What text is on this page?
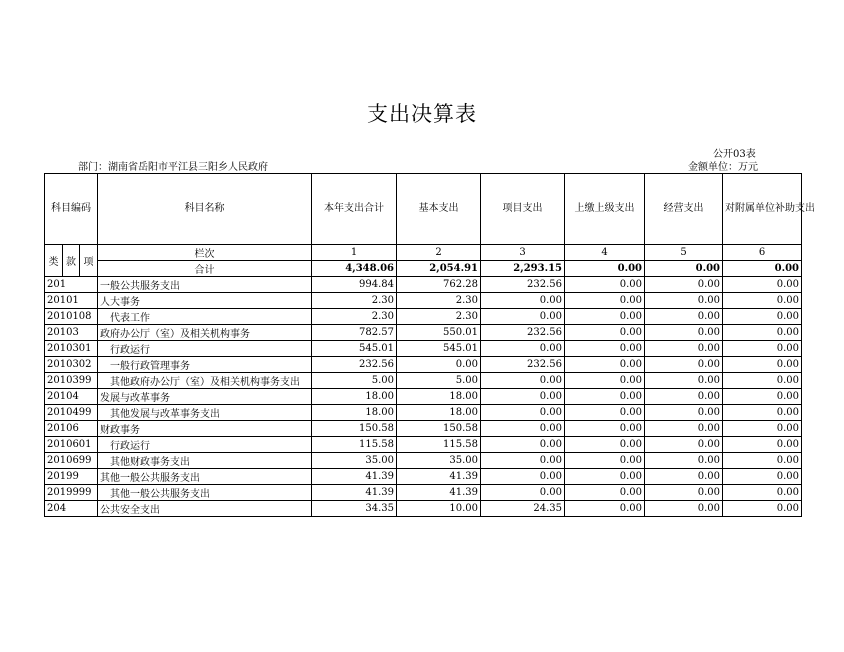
支出决算表
公开03表
部门：湖南省岳阳市平江县三阳乡人民政府	金额单位：万元
科目编码			科目名称	本年支出合计	基本支出	项目支出	上缴上级支出	经营支出	对附属单位补助支出
类	款	项	栏次	1	2	3	4	5	6
			合计	4,348.06	2,054.91	2,293.15	0.00	0.00	0.00
201			一般公共服务支出	994.84	762.28	232.56	0.00	0.00	0.00
20101			人大事务	2.30	2.30	0.00	0.00	0.00	0.00
2010108			代表工作	2.30	2.30	0.00	0.00	0.00	0.00
20103			政府办公厅（室）及相关机构事务	782.57	550.01	232.56	0.00	0.00	0.00
2010301			行政运行	545.01	545.01	0.00	0.00	0.00	0.00
2010302			一般行政管理事务	232.56	0.00	232.56	0.00	0.00	0.00
2010399			其他政府办公厅（室）及相关机构事务支出	5.00	5.00	0.00	0.00	0.00	0.00
20104			发展与改革事务	18.00	18.00	0.00	0.00	0.00	0.00
2010499			其他发展与改革事务支出	18.00	18.00	0.00	0.00	0.00	0.00
20106			财政事务	150.58	150.58	0.00	0.00	0.00	0.00
2010601			行政运行	115.58	115.58	0.00	0.00	0.00	0.00
2010699			其他财政事务支出	35.00	35.00	0.00	0.00	0.00	0.00
20199			其他一般公共服务支出	41.39	41.39	0.00	0.00	0.00	0.00
2019999			其他一般公共服务支出	41.39	41.39	0.00	0.00	0.00	0.00
204			公共安全支出	34.35	10.00	24.35	0.00	0.00	0.00
